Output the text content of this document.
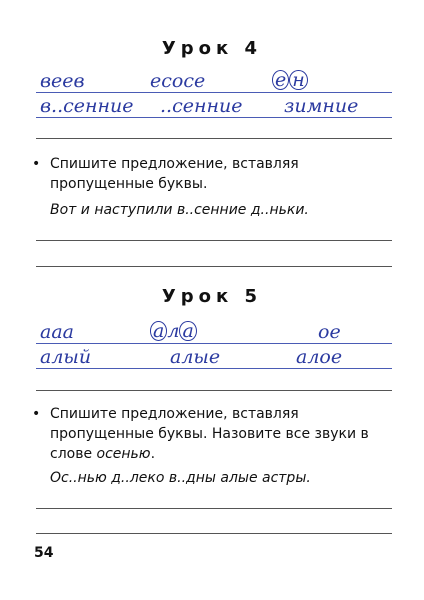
Урок 4
веев	есосе	е н
в..сенние ..сенние зимние
• Спишите предложение, вставляя пропущенные буквы.
Вот и наступили в..сенние д..ньки.
Урок 5
ааа	а л а	ое
алый	алые	алое
• Спишите предложение, вставляя пропущенные буквы. Назовите все звуки в слове осенью.
Ос..нью д..леко в..дны алые астры.
54
